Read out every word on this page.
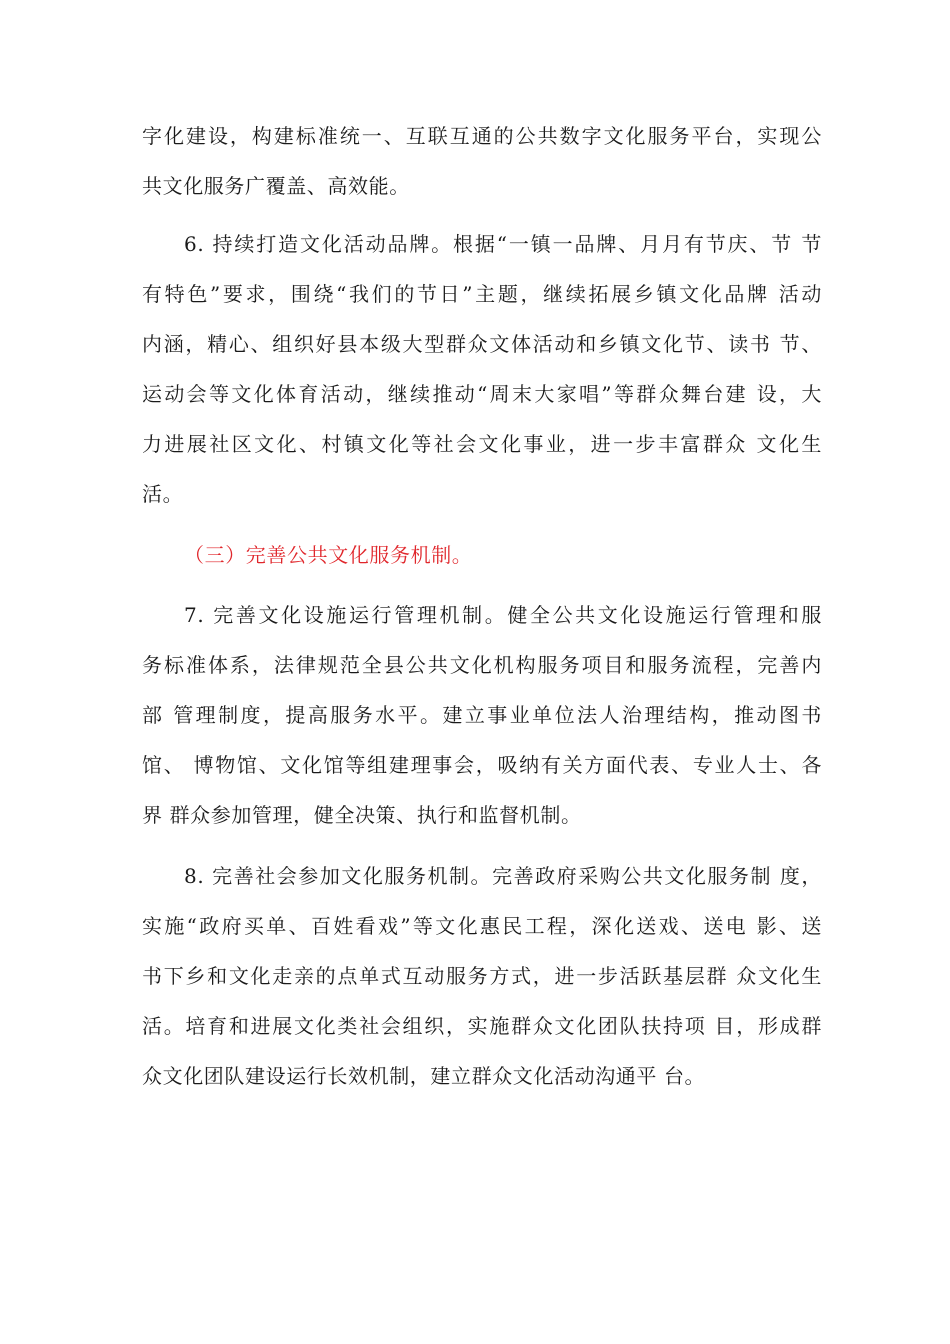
字化建设，构建标准统一、互联互通的公共数字文化服务平台，实现公
共文化服务广覆盖、高效能。
6. 持续打造文化活动品牌。根据“一镇一品牌、月月有节庆、节 节
有特色”要求，围绕“我们的节日”主题，继续拓展乡镇文化品牌 活动
内涵，精心、组织好县本级大型群众文体活动和乡镇文化节、读书 节、
运动会等文化体育活动，继续推动“周末大家唱”等群众舞台建 设，大
力进展社区文化、村镇文化等社会文化事业，进一步丰富群众 文化生
活。
（三）完善公共文化服务机制。
7. 完善文化设施运行管理机制。健全公共文化设施运行管理和服
务标准体系，法律规范全县公共文化机构服务项目和服务流程，完善内
部 管理制度，提高服务水平。建立事业单位法人治理结构，推动图书
馆、 博物馆、文化馆等组建理事会，吸纳有关方面代表、专业人士、各
界 群众参加管理，健全决策、执行和监督机制。
8. 完善社会参加文化服务机制。完善政府采购公共文化服务制 度，
实施“政府买单、百姓看戏”等文化惠民工程，深化送戏、送电 影、送
书下乡和文化走亲的点单式互动服务方式，进一步活跃基层群 众文化生
活。培育和进展文化类社会组织，实施群众文化团队扶持项 目，形成群
众文化团队建设运行长效机制，建立群众文化活动沟通平 台。
